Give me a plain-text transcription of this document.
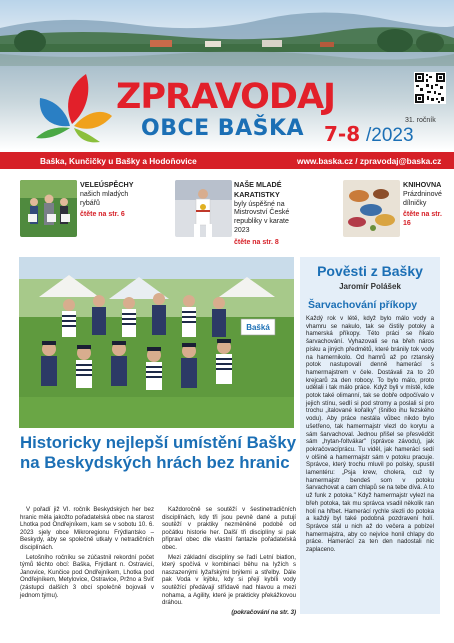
ZPRAVODAJ
OBCE BAŠKA 7-8 /2023
31. ročník
Baška, Kunčičky u Bašky a Hodoňovice	www.baska.cz / zpravodaj@baska.cz
VELEÚSPĚCHY
našich mladých rybářů
čtěte na str. 6
NAŠE MLADÉ KARATISTKY
byly úspěšné na Mistrovství České republiky v karate 2023
čtěte na str. 8
KNIHOVNA
Prázdninové dílničky
čtěte na str. 16
Bašká
Pověsti z Bašky
Jaromír Polášek
Šarvachování příkopy
Každý rok v létě, když bylo málo vody a vhamru se nakulo, tak se čistily potoky a hamerská příkopy. Této práci se říkalo šarvachování. Vyhazovali se na břeh náros písku a jiných předmětů, které bránily tok vody na hamernikolo. Od hamrů až po rztanský potok nastupovalí denně hamerácí s hamermajstrem v čele. Dostávali za to 20 krejcarů za den robocy. To bylo málo, proto udělali i tak málo práce. Když byli v místě, kde potok také olimanní, tak se dobře odpočívalo v jejich stínu, sedlí si pod stromy a poslali si pro trochu „italované kořalky" (šnitko ihu fezského vodu). Aby práce nestála vůbec nikdo bylo ušetřeno, tak hamermajstr vlezl do korytu a sám šarvachoval. Jednou přišel se přesvědčit sám „hytan-foltvákar" (správce závodu), jak pokračovacíprácu. Tu viděl, jak hamerácí sedí v olšině a hamermajstr sám v potoku pracuje. Správce, který trochu mluvil po polsky, spustil lamentéru: „Psja krew, cholera, cuž ty hamermajstr bendeš som v potoku šarvachovat a cam chlapů se na tebe dívá. A to už funk z potoka." Když hamermajstr vylezl na břeh potoka, tak mu správca vsadil několik ran holí na hřbet. Hamerácí rychle slezli do potoka a každý byl také podobná pozdravení holí. Správce stál u nich až do večera a pobízel hamermajstra, aby co nejvíce honil chlapy do práce. Hamerácí za ten den nadostali nic zaplaceno.
Historicky nejlepší umístění Bašky na Beskydských hrách bez hranic

V pořadí již VI. ročník Beskydských her bez hranic měla jakožto pořadatelská obec na starost Lhotka pod Ondřejníkem, kam se v sobotu 10. 6. 2023 sjely obce Mikroregionu Frýdlantsko – Beskydy, aby se společně utkaly v netradičních disciplínách.

Letošního ročníku se zúčastnil rekordní počet týmů těchto obcí: Baška, Frýdlant n. Ostravicí, Janovice, Kunčice pod Ondřejníkem, Lhotka pod Ondřejníkem, Metylovice, Ostravice, Pržno a Sviť (zástupci dalších 3 obcí společně bojovali v jednom týmu).

Každoročně se soutěží v šestinetradičních disciplínách, kdy tři jsou pevně dané a putují soutěží v praktiky nezměněné podobě od počátku historie her. Další tři disciplíny si pak připraví obec dle vlastní fantazie pořadatelská obec.

Mezi základní disciplíny se řadí Letní biatlon, který spočívá v kombinaci běhu na lyžích s naszazenými lyžařskými brýlemi a střelby. Dále pak Voda v kýblu, kdy si přejí kybíli vody soutěžící předávají střídavě nad hlavou a mezi nohama, a Agility, které je prakticky překážkovou dráhou.

(pokračování na str. 3)
